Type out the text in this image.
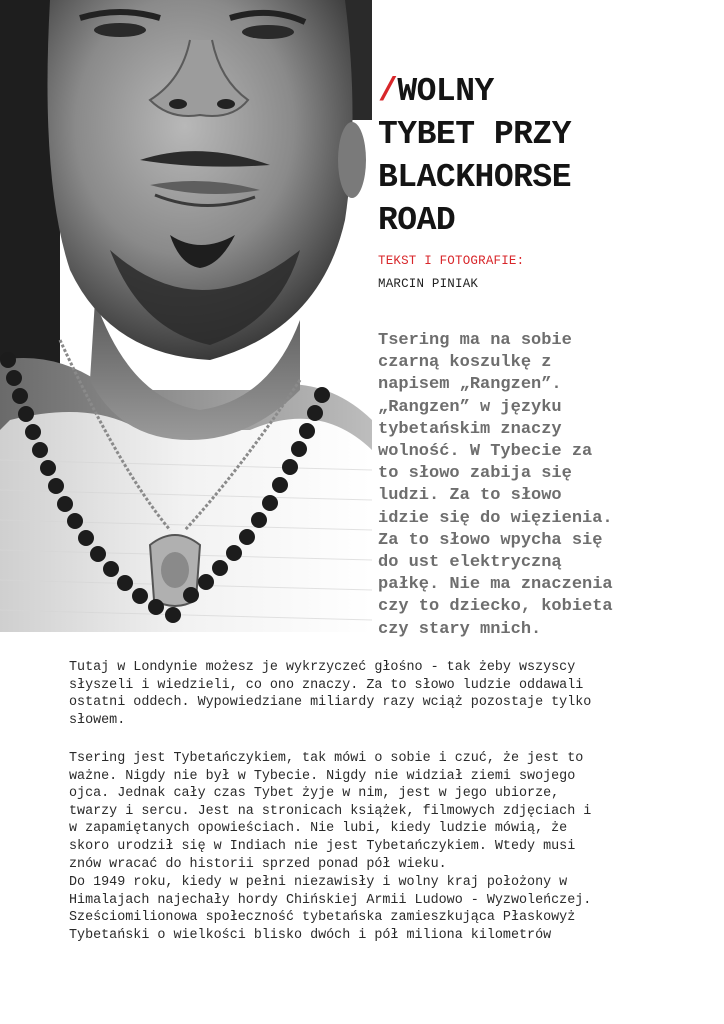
/WOLNY
TYBET PRZY
BLACKHORSE
ROAD
TEKST I FOTOGRAFIE:
MARCIN PINIAK

Tsering ma na sobie
czarną koszulkę z
napisem „Rangzen”.
„Rangzen” w języku
tybetańskim znaczy
wolność. W Tybecie za
to słowo zabija się
ludzi. Za to słowo
idzie się do więzienia.
Za to słowo wpycha się
do ust elektryczną
pałkę. Nie ma znaczenia
czy to dziecko, kobieta
czy stary mnich.

Tutaj w Londynie możesz je wykrzyczeć głośno - tak żeby wszyscy
słyszeli i wiedzieli, co ono znaczy. Za to słowo ludzie oddawali
ostatni oddech. Wypowiedziane miliardy razy wciąż pozostaje tylko
słowem.

Tsering jest Tybetańczykiem, tak mówi o sobie i czuć, że jest to
ważne. Nigdy nie był w Tybecie. Nigdy nie widział ziemi swojego
ojca. Jednak cały czas Tybet żyje w nim, jest w jego ubiorze,
twarzy i sercu. Jest na stronicach książek, filmowych zdjęciach i
w zapamiętanych opowieściach. Nie lubi, kiedy ludzie mówią, że
skoro urodził się w Indiach nie jest Tybetańczykiem. Wtedy musi
znów wracać do historii sprzed ponad pół wieku.

Do 1949 roku, kiedy w pełni niezawisły i wolny kraj położony w
Himalajach najechały hordy Chińskiej Armii Ludowo - Wyzwoleńczej.
Sześciomilionowa społeczność tybetańska zamieszkująca Płaskowyż
Tybetański o wielkości blisko dwóch i pół miliona kilometrów
